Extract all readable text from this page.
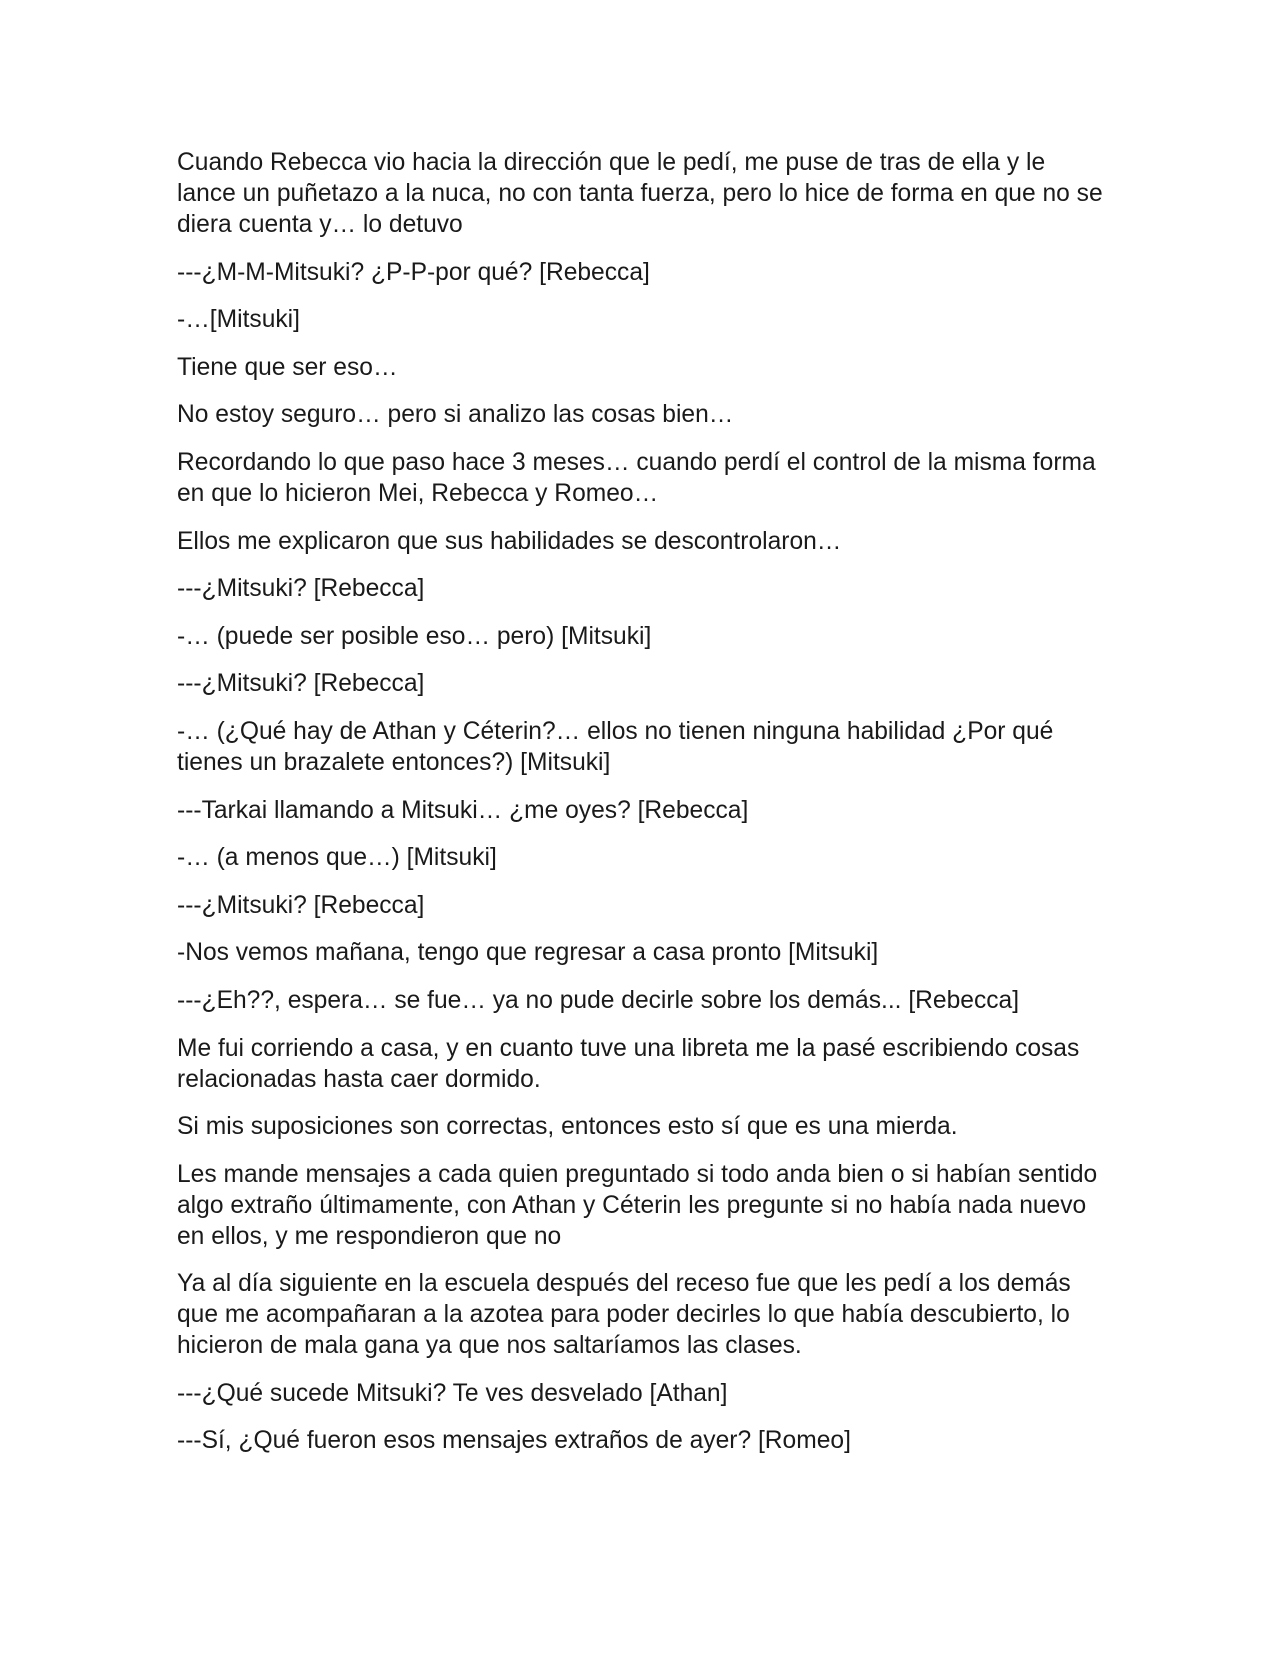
Cuando Rebecca vio hacia la dirección que le pedí, me puse de tras de ella y le lance un puñetazo a la nuca, no con tanta fuerza, pero lo hice de forma en que no se diera cuenta y… lo detuvo

---¿M-M-Mitsuki? ¿P-P-por qué? [Rebecca]

-…[Mitsuki]

Tiene que ser eso…

No estoy seguro… pero si analizo las cosas bien…

Recordando lo que paso hace 3 meses… cuando perdí el control de la misma forma en que lo hicieron Mei, Rebecca y Romeo…

Ellos me explicaron que sus habilidades se descontrolaron…

---¿Mitsuki? [Rebecca]

-… (puede ser posible eso… pero) [Mitsuki]

---¿Mitsuki? [Rebecca]

-… (¿Qué hay de Athan y Céterin?… ellos no tienen ninguna habilidad ¿Por qué tienes un brazalete entonces?) [Mitsuki]

---Tarkai llamando a Mitsuki… ¿me oyes? [Rebecca]

-… (a menos que…) [Mitsuki]

---¿Mitsuki? [Rebecca]

-Nos vemos mañana, tengo que regresar a casa pronto [Mitsuki]

---¿Eh??, espera… se fue… ya no pude decirle sobre los demás... [Rebecca]

Me fui corriendo a casa, y en cuanto tuve una libreta me la pasé escribiendo cosas relacionadas hasta caer dormido.

Si mis suposiciones son correctas, entonces esto sí que es una mierda.

Les mande mensajes a cada quien preguntado si todo anda bien o si habían sentido algo extraño últimamente, con Athan y Céterin les pregunte si no había nada nuevo en ellos, y me respondieron que no

Ya al día siguiente en la escuela después del receso fue que les pedí a los demás que me acompañaran a la azotea para poder decirles lo que había descubierto, lo hicieron de mala gana ya que nos saltaríamos las clases.

---¿Qué sucede Mitsuki? Te ves desvelado [Athan]

---Sí, ¿Qué fueron esos mensajes extraños de ayer? [Romeo]
